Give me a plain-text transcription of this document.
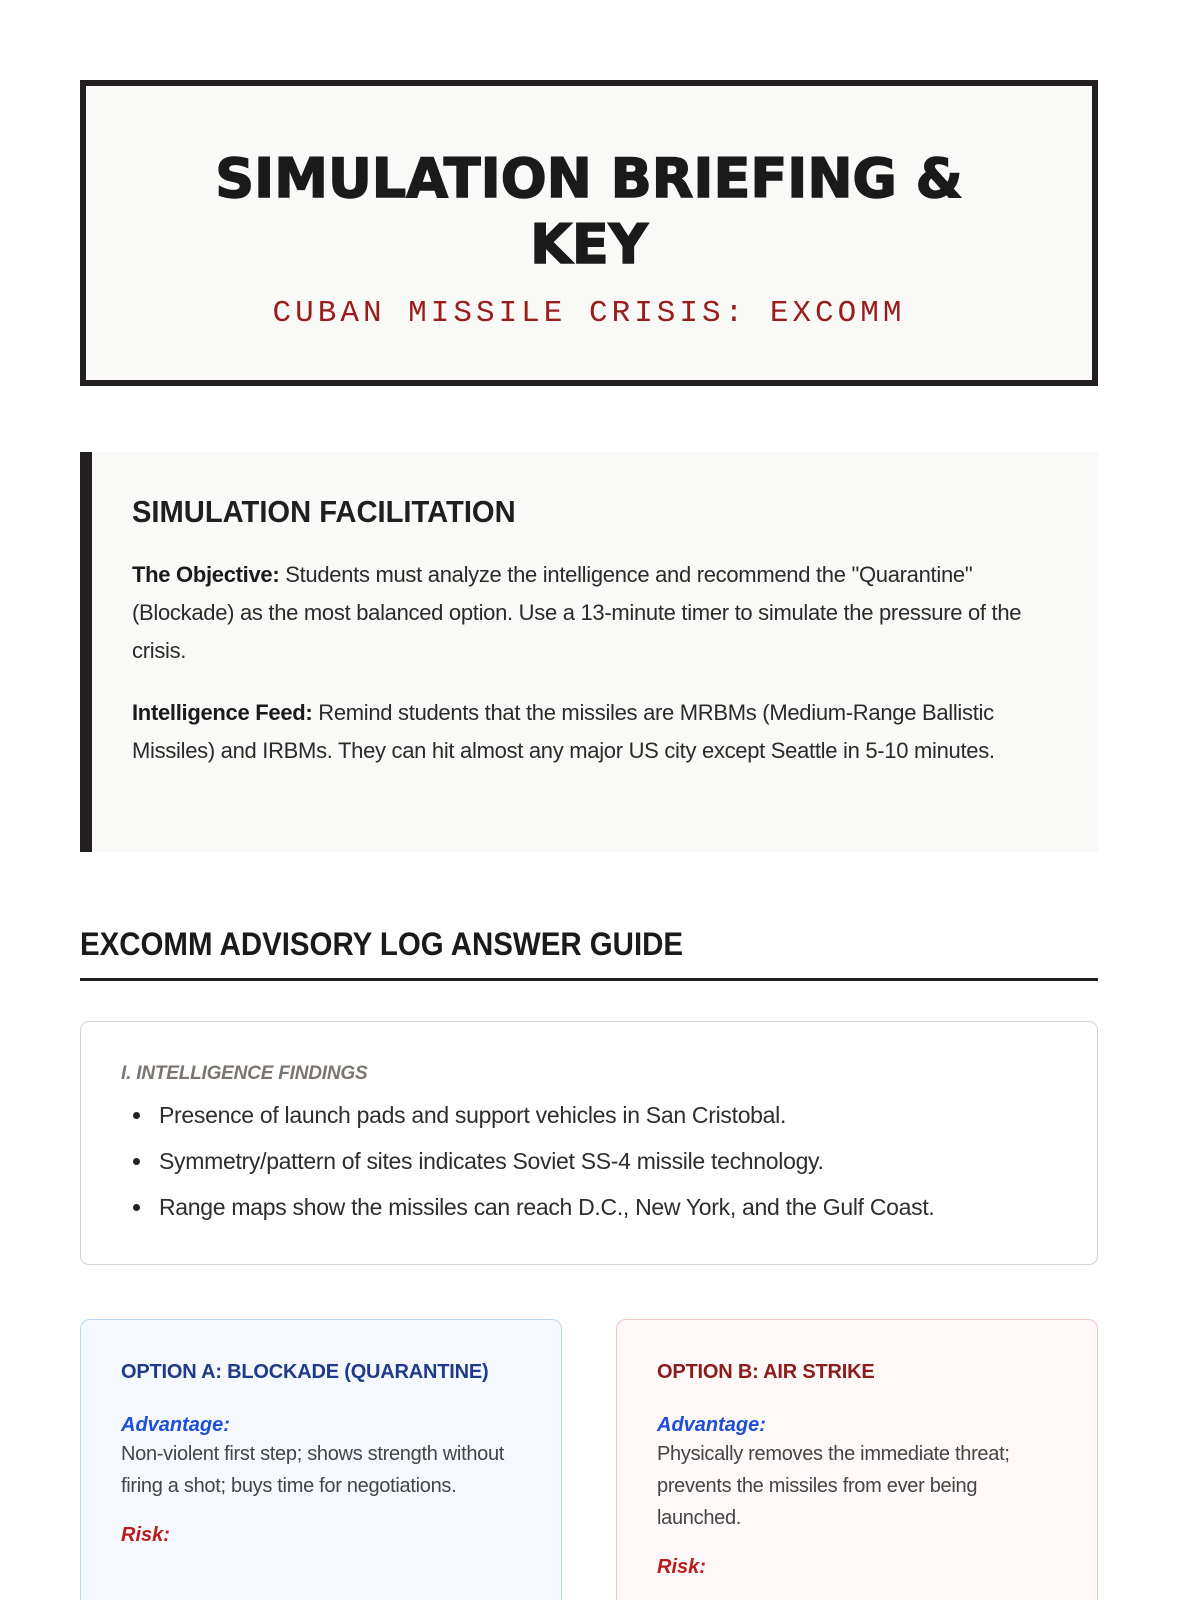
SIMULATION BRIEFING & KEY
CUBAN MISSILE CRISIS: EXCOMM
SIMULATION FACILITATION

The Objective: Students must analyze the intelligence and recommend the "Quarantine" (Blockade) as the most balanced option. Use a 13-minute timer to simulate the pressure of the crisis.

Intelligence Feed: Remind students that the missiles are MRBMs (Medium-Range Ballistic Missiles) and IRBMs. They can hit almost any major US city except Seattle in 5-10 minutes.

EXCOMM ADVISORY LOG ANSWER GUIDE
I. INTELLIGENCE FINDINGS
Presence of launch pads and support vehicles in San Cristobal.
Symmetry/pattern of sites indicates Soviet SS-4 missile technology.
Range maps show the missiles can reach D.C., New York, and the Gulf Coast.
OPTION A: BLOCKADE (QUARANTINE)
Advantage:
Non-violent first step; shows strength without firing a shot; buys time for negotiations.
Risk:
OPTION B: AIR STRIKE
Advantage:
Physically removes the immediate threat; prevents the missiles from ever being launched.
Risk:
